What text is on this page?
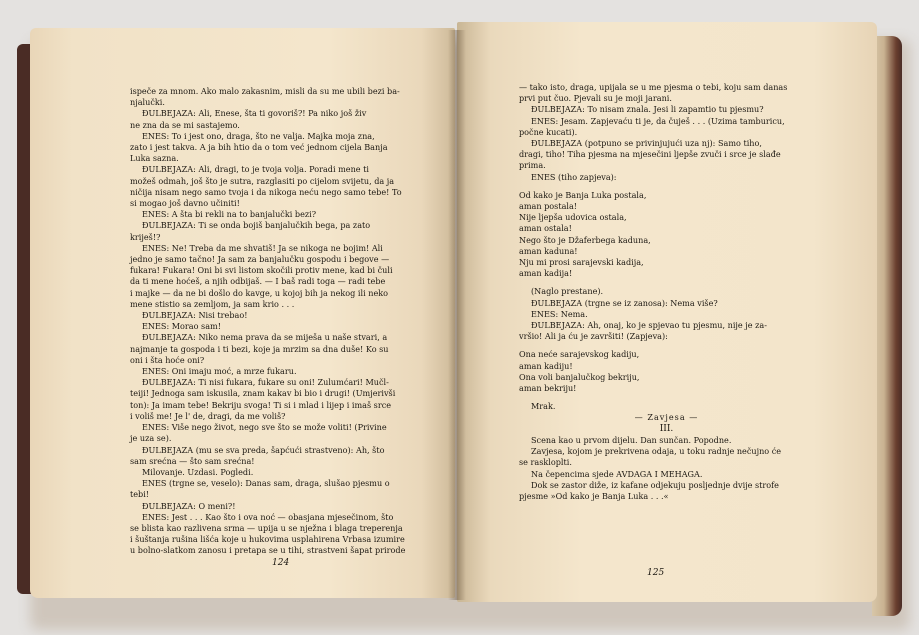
ispeče za mnom. Ako malo zakasnim, misli da su me ubili bezi ba-

njalučki.

ĐULBEJAZA: Ali, Enese, šta ti govoriš?! Pa niko još živ

ne zna da se mi sastajemo.

ENES: To i jest ono, draga, što ne valja. Majka moja zna,

zato i jest takva. A ja bih htio da o tom već jednom cijela Banja

Luka sazna.

ĐULBEJAZA: Ali, dragi, to je tvoja volja. Poradi mene ti

možeš odmah, još što je sutra, razglasiti po cijelom svijetu, da ja

ničija nisam nego samo tvoja i da nikoga neću nego samo tebe! To

si mogao još davno učiniti!

ENES: A šta bi rekli na to banjalučki bezi?

ĐULBEJAZA: Ti se onda bojiš banjalučkih bega, pa zato

kriješ!?

ENES: Ne! Treba da me shvatiš! Ja se nikoga ne bojim! Ali

jedno je samo tačno! Ja sam za banjalučku gospodu i begove —

fukara! Fukara! Oni bi svi listom skočili protiv mene, kad bi čuli

da ti mene hoćeš, a njih odbijaš. — I baš radi toga — radi tebe

i majke — da ne bi došlo do kavge, u kojoj bih ja nekog ili neko

mene stistio sa zemljom, ja sam krio . . .

ĐULBEJAZA: Nisi trebao!

ENES: Morao sam!

ĐULBEJAZA: Niko nema prava da se miješa u naše stvari, a

najmanje ta gospoda i ti bezi, koje ja mrzim sa dna duše! Ko su

oni i šta hoće oni?

ENES: Oni imaju moć, a mrze fukaru.

ĐULBEJAZA: Ti nisi fukara, fukare su oni! Zulumćari! Mučl-

teiji! Jednoga sam iskusila, znam kakav bi bio i drugi! (Umjerivši

ton): Ja imam tebe! Bekriju svoga! Ti si i mlad i lijep i imaš srce

i voliš me! Je l' de, dragi, da me voliš?

ENES: Više nego život, nego sve što se može voliti! (Privine

je uza se).

ĐULBEJAZA (mu se sva preda, šapćući strastveno): Ah, što

sam srećna — što sam srećna!

Milovanje. Uzdasi. Pogledi.

ENES (trgne se, veselo): Danas sam, draga, slušao pjesmu o

tebi!

ĐULBEJAZA: O meni?!

ENES: Jest . . . Kao što i ova noć — obasjana mjesečinom, što

se blista kao razlivena srma — upija u se nježna i blaga treperenja

i šuštanja rušina lišća koje u hukovima usplahirena Vrbasa izumire

u bolno-slatkom zanosu i pretapa se u tihi, strastveni šapat prirode

124

— tako isto, draga, upijala se u me pjesma o tebi, koju sam danas

prvi put čuo. Pjevali su je moji jarani.

ĐULBEJAZA: To nisam znala. Jesi li zapamtio tu pjesmu?

ENES: Jesam. Zapjevaću ti je, da čuješ . . . (Uzima tamburicu,

počne kucati).

ĐULBEJAZA (potpuno se privinjujući uza nj): Samo tiho,

dragi, tiho! Tiha pjesma na mjesečini ljepše zvuči i srce je slađe

prima.

ENES (tiho zapjeva):

Od kako je Banja Luka postala,

aman postala!

Nije ljepša udovica ostala,

aman ostala!

Nego što je Džaferbega kaduna,

aman kaduna!

Nju mi prosi sarajevski kadija,

aman kadija!

(Naglo prestane).

ĐULBEJAZA (trgne se iz zanosa): Nema više?

ENES: Nema.

ĐULBEJAZA: Ah, onaj, ko je spjevao tu pjesmu, nije je za-

vršio! Ali ja ću je završiti! (Zapjeva):

Ona neće sarajevskog kadiju,

aman kadiju!

Ona voli banjalučkog bekriju,

aman bekriju!

Mrak.

— Zavjesa —

III.

Scena kao u prvom dijelu. Dan sunčan. Popodne.

Zavjesa, kojom je prekrivena odaja, u toku radnje nečujno će

se raskloplti.

Na čepencima sjede AVDAGA I MEHAGA.

Dok se zastor diže, iz kafane odjekuju posljednje dvije strofe

pjesme »Od kako je Banja Luka . . .«

125
